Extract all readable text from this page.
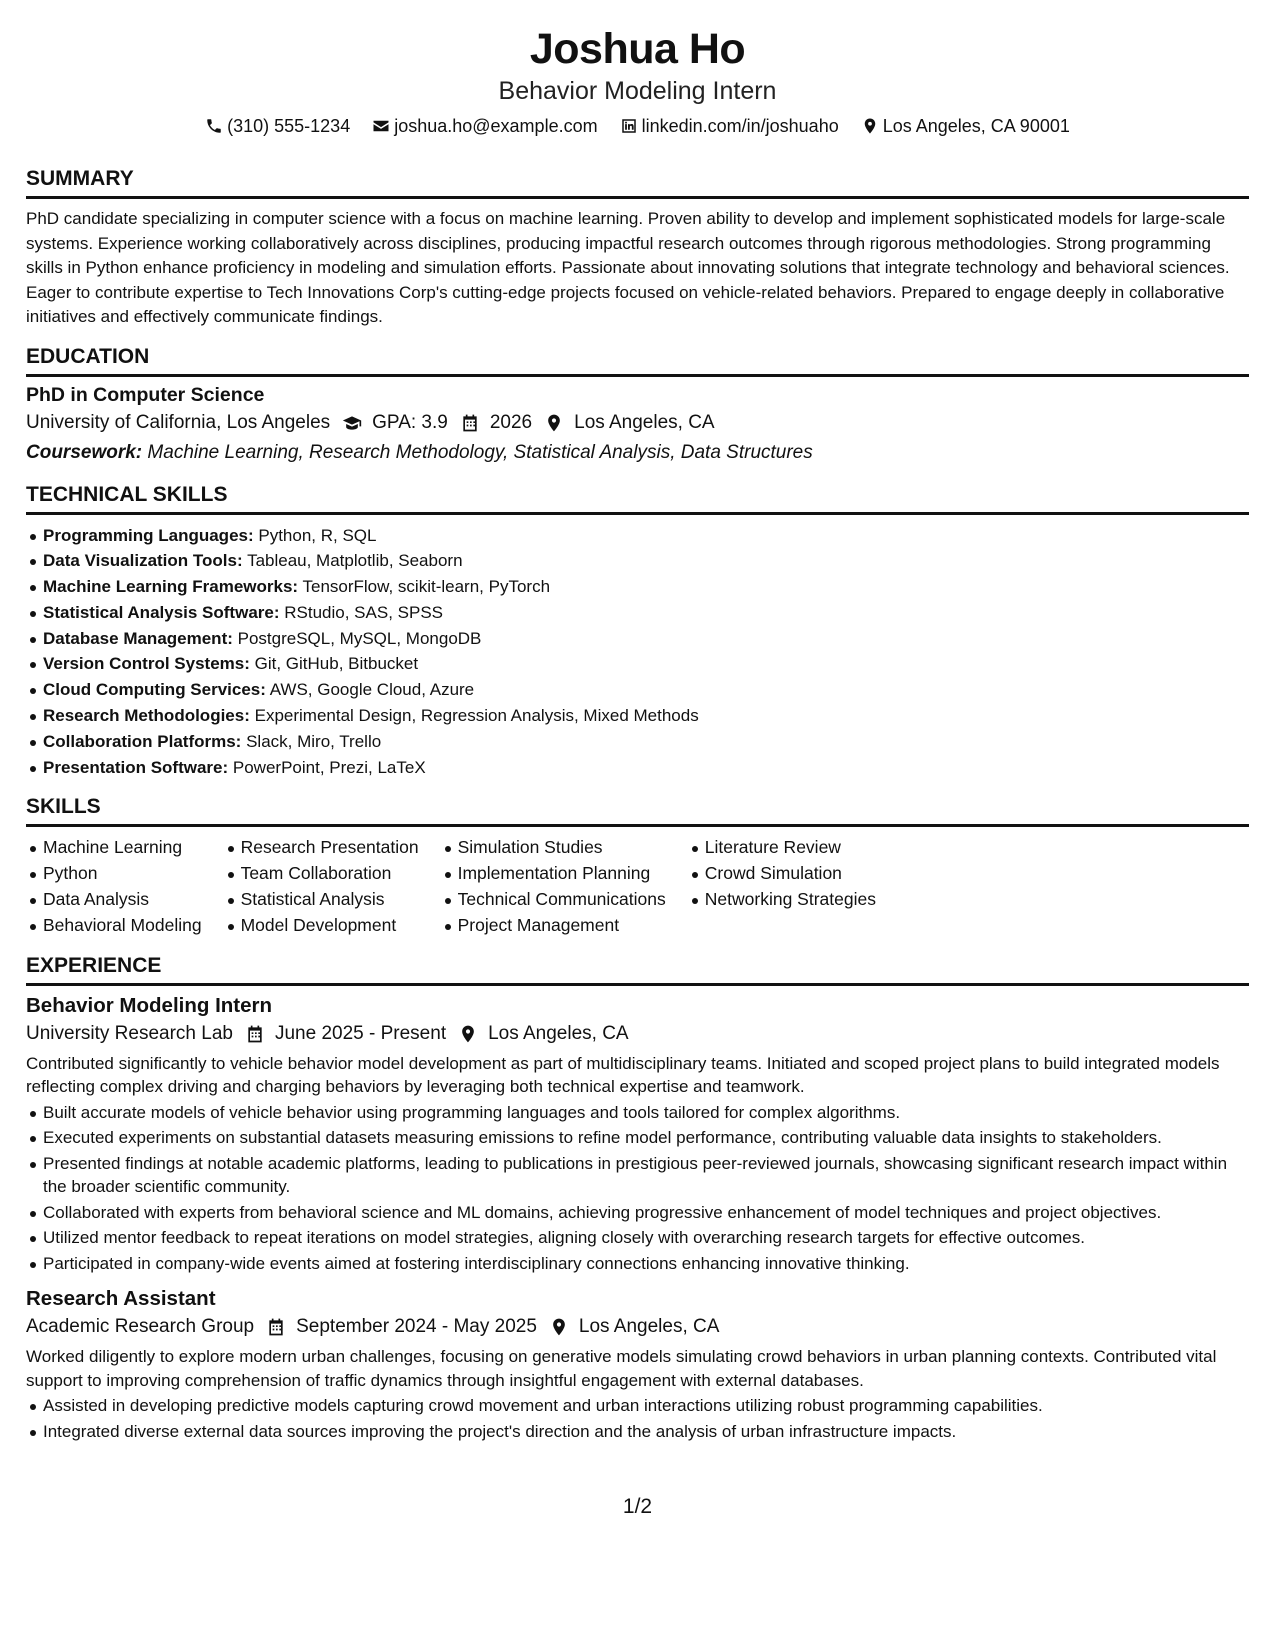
Joshua Ho
Behavior Modeling Intern
(310) 555-1234 joshua.ho@example.com linkedin.com/in/joshuaho Los Angeles, CA 90001
SUMMARY

PhD candidate specializing in computer science with a focus on machine learning. Proven ability to develop and implement sophisticated models for large-scale systems. Experience working collaboratively across disciplines, producing impactful research outcomes through rigorous methodologies. Strong programming skills in Python enhance proficiency in modeling and simulation efforts. Passionate about innovating solutions that integrate technology and behavioral sciences. Eager to contribute expertise to Tech Innovations Corp's cutting-edge projects focused on vehicle-related behaviors. Prepared to engage deeply in collaborative initiatives and effectively communicate findings.

EDUCATION
PhD in Computer Science
University of California, Los Angeles GPA: 3.9 2026 Los Angeles, CA
Coursework: Machine Learning, Research Methodology, Statistical Analysis, Data Structures
TECHNICAL SKILLS
Programming Languages: Python, R, SQL
Data Visualization Tools: Tableau, Matplotlib, Seaborn
Machine Learning Frameworks: TensorFlow, scikit-learn, PyTorch
Statistical Analysis Software: RStudio, SAS, SPSS
Database Management: PostgreSQL, MySQL, MongoDB
Version Control Systems: Git, GitHub, Bitbucket
Cloud Computing Services: AWS, Google Cloud, Azure
Research Methodologies: Experimental Design, Regression Analysis, Mixed Methods
Collaboration Platforms: Slack, Miro, Trello
Presentation Software: PowerPoint, Prezi, LaTeX
SKILLS
Machine Learning
Python
Data Analysis
Behavioral Modeling
Research Presentation
Team Collaboration
Statistical Analysis
Model Development
Simulation Studies
Implementation Planning
Technical Communications
Project Management
Literature Review
Crowd Simulation
Networking Strategies
EXPERIENCE
Behavior Modeling Intern
University Research Lab June 2025 - Present Los Angeles, CA

Contributed significantly to vehicle behavior model development as part of multidisciplinary teams. Initiated and scoped project plans to build integrated models reflecting complex driving and charging behaviors by leveraging both technical expertise and teamwork.

Built accurate models of vehicle behavior using programming languages and tools tailored for complex algorithms.
Executed experiments on substantial datasets measuring emissions to refine model performance, contributing valuable data insights to stakeholders.
Presented findings at notable academic platforms, leading to publications in prestigious peer-reviewed journals, showcasing significant research impact within the broader scientific community.
Collaborated with experts from behavioral science and ML domains, achieving progressive enhancement of model techniques and project objectives.
Utilized mentor feedback to repeat iterations on model strategies, aligning closely with overarching research targets for effective outcomes.
Participated in company-wide events aimed at fostering interdisciplinary connections enhancing innovative thinking.
Research Assistant
Academic Research Group September 2024 - May 2025 Los Angeles, CA

Worked diligently to explore modern urban challenges, focusing on generative models simulating crowd behaviors in urban planning contexts. Contributed vital support to improving comprehension of traffic dynamics through insightful engagement with external databases.

Assisted in developing predictive models capturing crowd movement and urban interactions utilizing robust programming capabilities.
Integrated diverse external data sources improving the project's direction and the analysis of urban infrastructure impacts.
1/2
